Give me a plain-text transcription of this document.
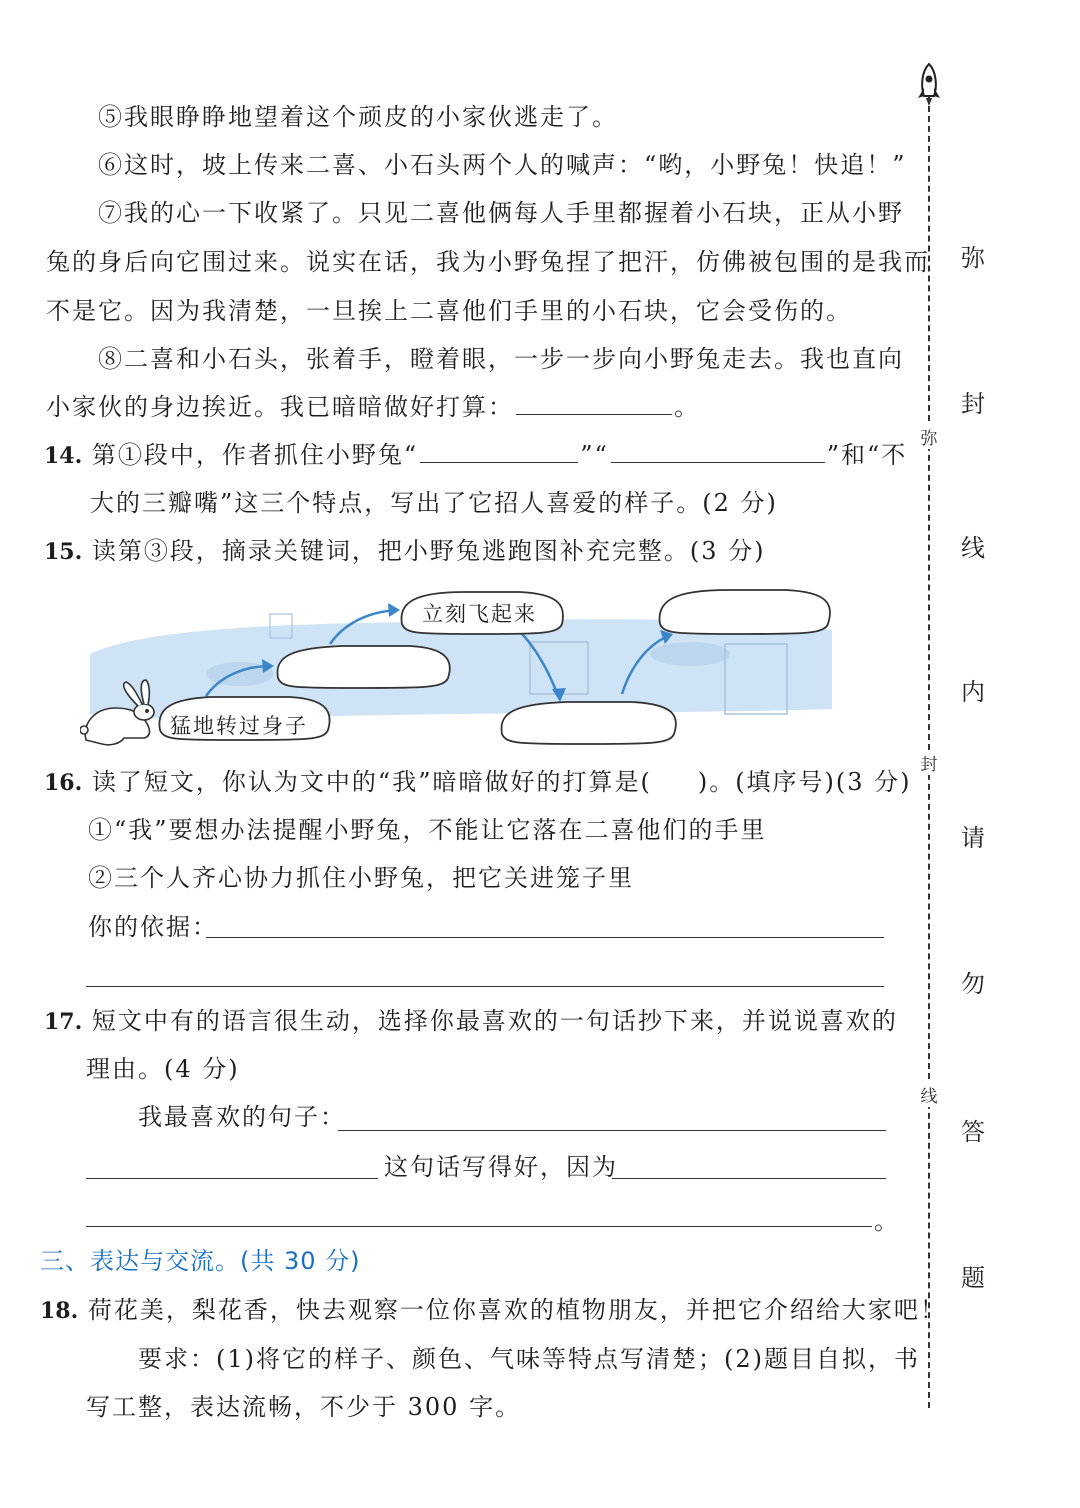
⑤我眼睁睁地望着这个顽皮的小家伙逃走了。
⑥这时，坡上传来二喜、小石头两个人的喊声：“哟，小野兔！快追！”
⑦我的心一下收紧了。只见二喜他俩每人手里都握着小石块，正从小野
兔的身后向它围过来。说实在话，我为小野兔捏了把汗，仿佛被包围的是我而
不是它。因为我清楚，一旦挨上二喜他们手里的小石块，它会受伤的。
⑧二喜和小石头，张着手，瞪着眼，一步一步向小野兔走去。我也直向
小家伙的身边挨近。我已暗暗做好打算：	。
14. 第①段中，作者抓住小野兔“	”“	”和“不
大的三瓣嘴”这三个特点，写出了它招人喜爱的样子。(2 分)
15. 读第③段，摘录关键词，把小野兔逃跑图补充完整。(3 分)
猛地转过身子
立刻飞起来
16. 读了短文，你认为文中的“我”暗暗做好的打算是( )。(填序号)(3 分)
①“我”要想办法提醒小野兔，不能让它落在二喜他们的手里
②三个人齐心协力抓住小野兔，把它关进笼子里
你的依据：
17. 短文中有的语言很生动，选择你最喜欢的一句话抄下来，并说说喜欢的
理由。(4 分)
我最喜欢的句子：
这句话写得好，因为
。
三、表达与交流。(共 30 分)
18. 荷花美，梨花香，快去观察一位你喜欢的植物朋友，并把它介绍给大家吧！
要求：(1)将它的样子、颜色、气味等特点写清楚；(2)题目自拟，书
写工整，表达流畅，不少于 300 字。
弥
封
线
弥
封
线
内
请
勿
答
题
